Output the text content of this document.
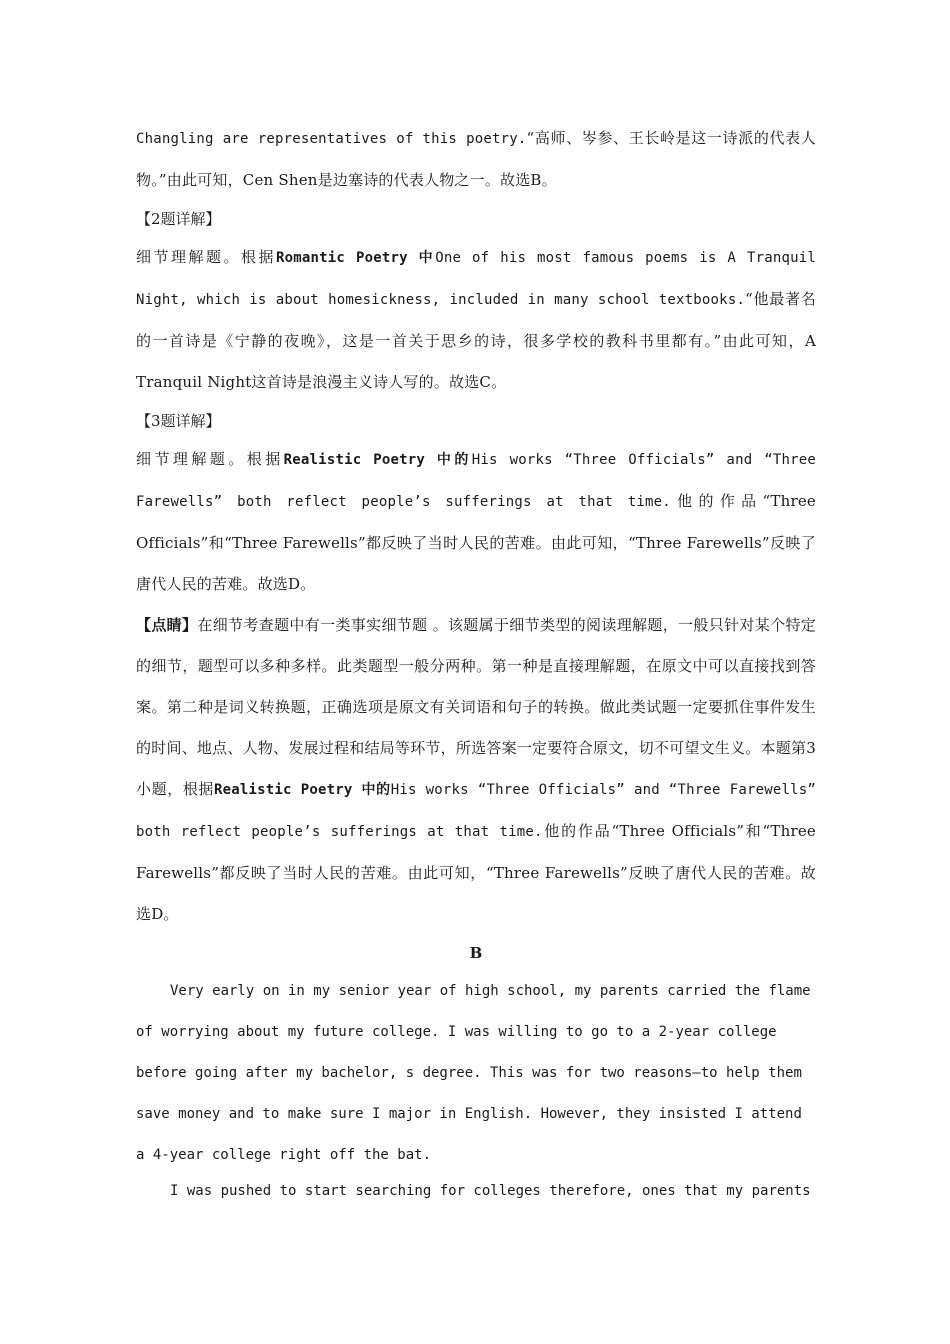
Changling are representatives of this poetry.“高师、岑参、王长岭是这一诗派的代表人物。”由此可知，Cen Shen是边塞诗的代表人物之一。故选B。

【2题详解】

细节理解题。根据Romantic Poetry 中One of his most famous poems is A Tranquil Night, which is about homesickness, included in many school textbooks.“他最著名的一首诗是《宁静的夜晚》，这是一首关于思乡的诗，很多学校的教科书里都有。”由此可知，A Tranquil Night这首诗是浪漫主义诗人写的。故选C。

【3题详解】

细节理解题。根据Realistic Poetry 中的His works “Three Officials” and “Three Farewells” both reflect people’s sufferings at that time.他的作品“Three Officials”和“Three Farewells”都反映了当时人民的苦难。由此可知，“Three Farewells”反映了唐代人民的苦难。故选D。

【点睛】在细节考查题中有一类事实细节题 。该题属于细节类型的阅读理解题，一般只针对某个特定的细节，题型可以多种多样。此类题型一般分两种。第一种是直接理解题，在原文中可以直接找到答案。第二种是词义转换题，正确选项是原文有关词语和句子的转换。做此类试题一定要抓住事件发生的时间、地点、人物、发展过程和结局等环节，所选答案一定要符合原文，切不可望文生义。本题第3小题，根据Realistic Poetry 中的His works “Three Officials” and “Three Farewells” both reflect people’s sufferings at that time.他的作品“Three Officials”和“Three Farewells”都反映了当时人民的苦难。由此可知，“Three Farewells”反映了唐代人民的苦难。故选D。

B

Very early on in my senior year of high school, my parents carried the flame

of worrying about my future college. I was willing to go to a 2-year college

before going after my bachelor, s degree. This was for two reasons—to help them

save money and to make sure I major in English. However, they insisted I attend

a 4-year college right off the bat.

I was pushed to start searching for colleges therefore, ones that my parents
